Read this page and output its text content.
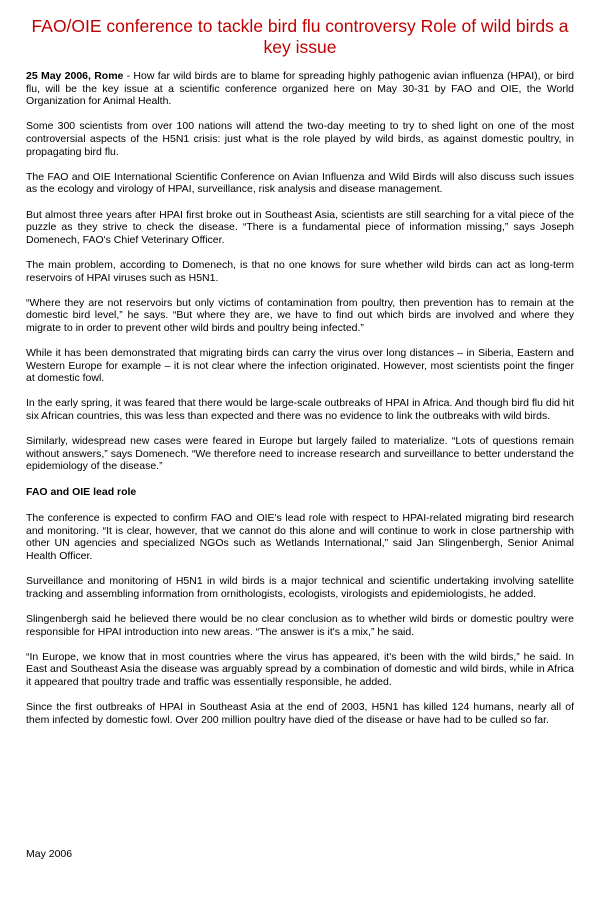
FAO/OIE conference to tackle bird flu controversy Role of wild birds a key issue

25 May 2006, Rome - How far wild birds are to blame for spreading highly pathogenic avian influenza (HPAI), or bird flu, will be the key issue at a scientific conference organized here on May 30-31 by FAO and OIE, the World Organization for Animal Health.

Some 300 scientists from over 100 nations will attend the two-day meeting to try to shed light on one of the most controversial aspects of the H5N1 crisis: just what is the role played by wild birds, as against domestic poultry, in propagating bird flu.

The FAO and OIE International Scientific Conference on Avian Influenza and Wild Birds will also discuss such issues as the ecology and virology of HPAI, surveillance, risk analysis and disease management.

But almost three years after HPAI first broke out in Southeast Asia, scientists are still searching for a vital piece of the puzzle as they strive to check the disease. “There is a fundamental piece of information missing,” says Joseph Domenech, FAO's Chief Veterinary Officer.

The main problem, according to Domenech, is that no one knows for sure whether wild birds can act as long-term reservoirs of HPAI viruses such as H5N1.

“Where they are not reservoirs but only victims of contamination from poultry, then prevention has to remain at the domestic bird level,” he says. “But where they are, we have to find out which birds are involved and where they migrate to in order to prevent other wild birds and poultry being infected.”

While it has been demonstrated that migrating birds can carry the virus over long distances – in Siberia, Eastern and Western Europe for example – it is not clear where the infection originated. However, most scientists point the finger at domestic fowl.

In the early spring, it was feared that there would be large-scale outbreaks of HPAI in Africa. And though bird flu did hit six African countries, this was less than expected and there was no evidence to link the outbreaks with wild birds.

Similarly, widespread new cases were feared in Europe but largely failed to materialize. “Lots of questions remain without answers,” says Domenech. “We therefore need to increase research and surveillance to better understand the epidemiology of the disease.”

FAO and OIE lead role

The conference is expected to confirm FAO and OIE's lead role with respect to HPAI-related migrating bird research and monitoring. “It is clear, however, that we cannot do this alone and will continue to work in close partnership with other UN agencies and specialized NGOs such as Wetlands International,” said Jan Slingenbergh, Senior Animal Health Officer.

Surveillance and monitoring of H5N1 in wild birds is a major technical and scientific undertaking involving satellite tracking and assembling information from ornithologists, ecologists, virologists and epidemiologists, he added.

Slingenbergh said he believed there would be no clear conclusion as to whether wild birds or domestic poultry were responsible for HPAI introduction into new areas. “The answer is it's a mix,” he said.

“In Europe, we know that in most countries where the virus has appeared, it's been with the wild birds,” he said. In East and Southeast Asia the disease was arguably spread by a combination of domestic and wild birds, while in Africa it appeared that poultry trade and traffic was essentially responsible, he added.

Since the first outbreaks of HPAI in Southeast Asia at the end of 2003, H5N1 has killed 124 humans, nearly all of them infected by domestic fowl. Over 200 million poultry have died of the disease or have had to be culled so far.

May 2006
